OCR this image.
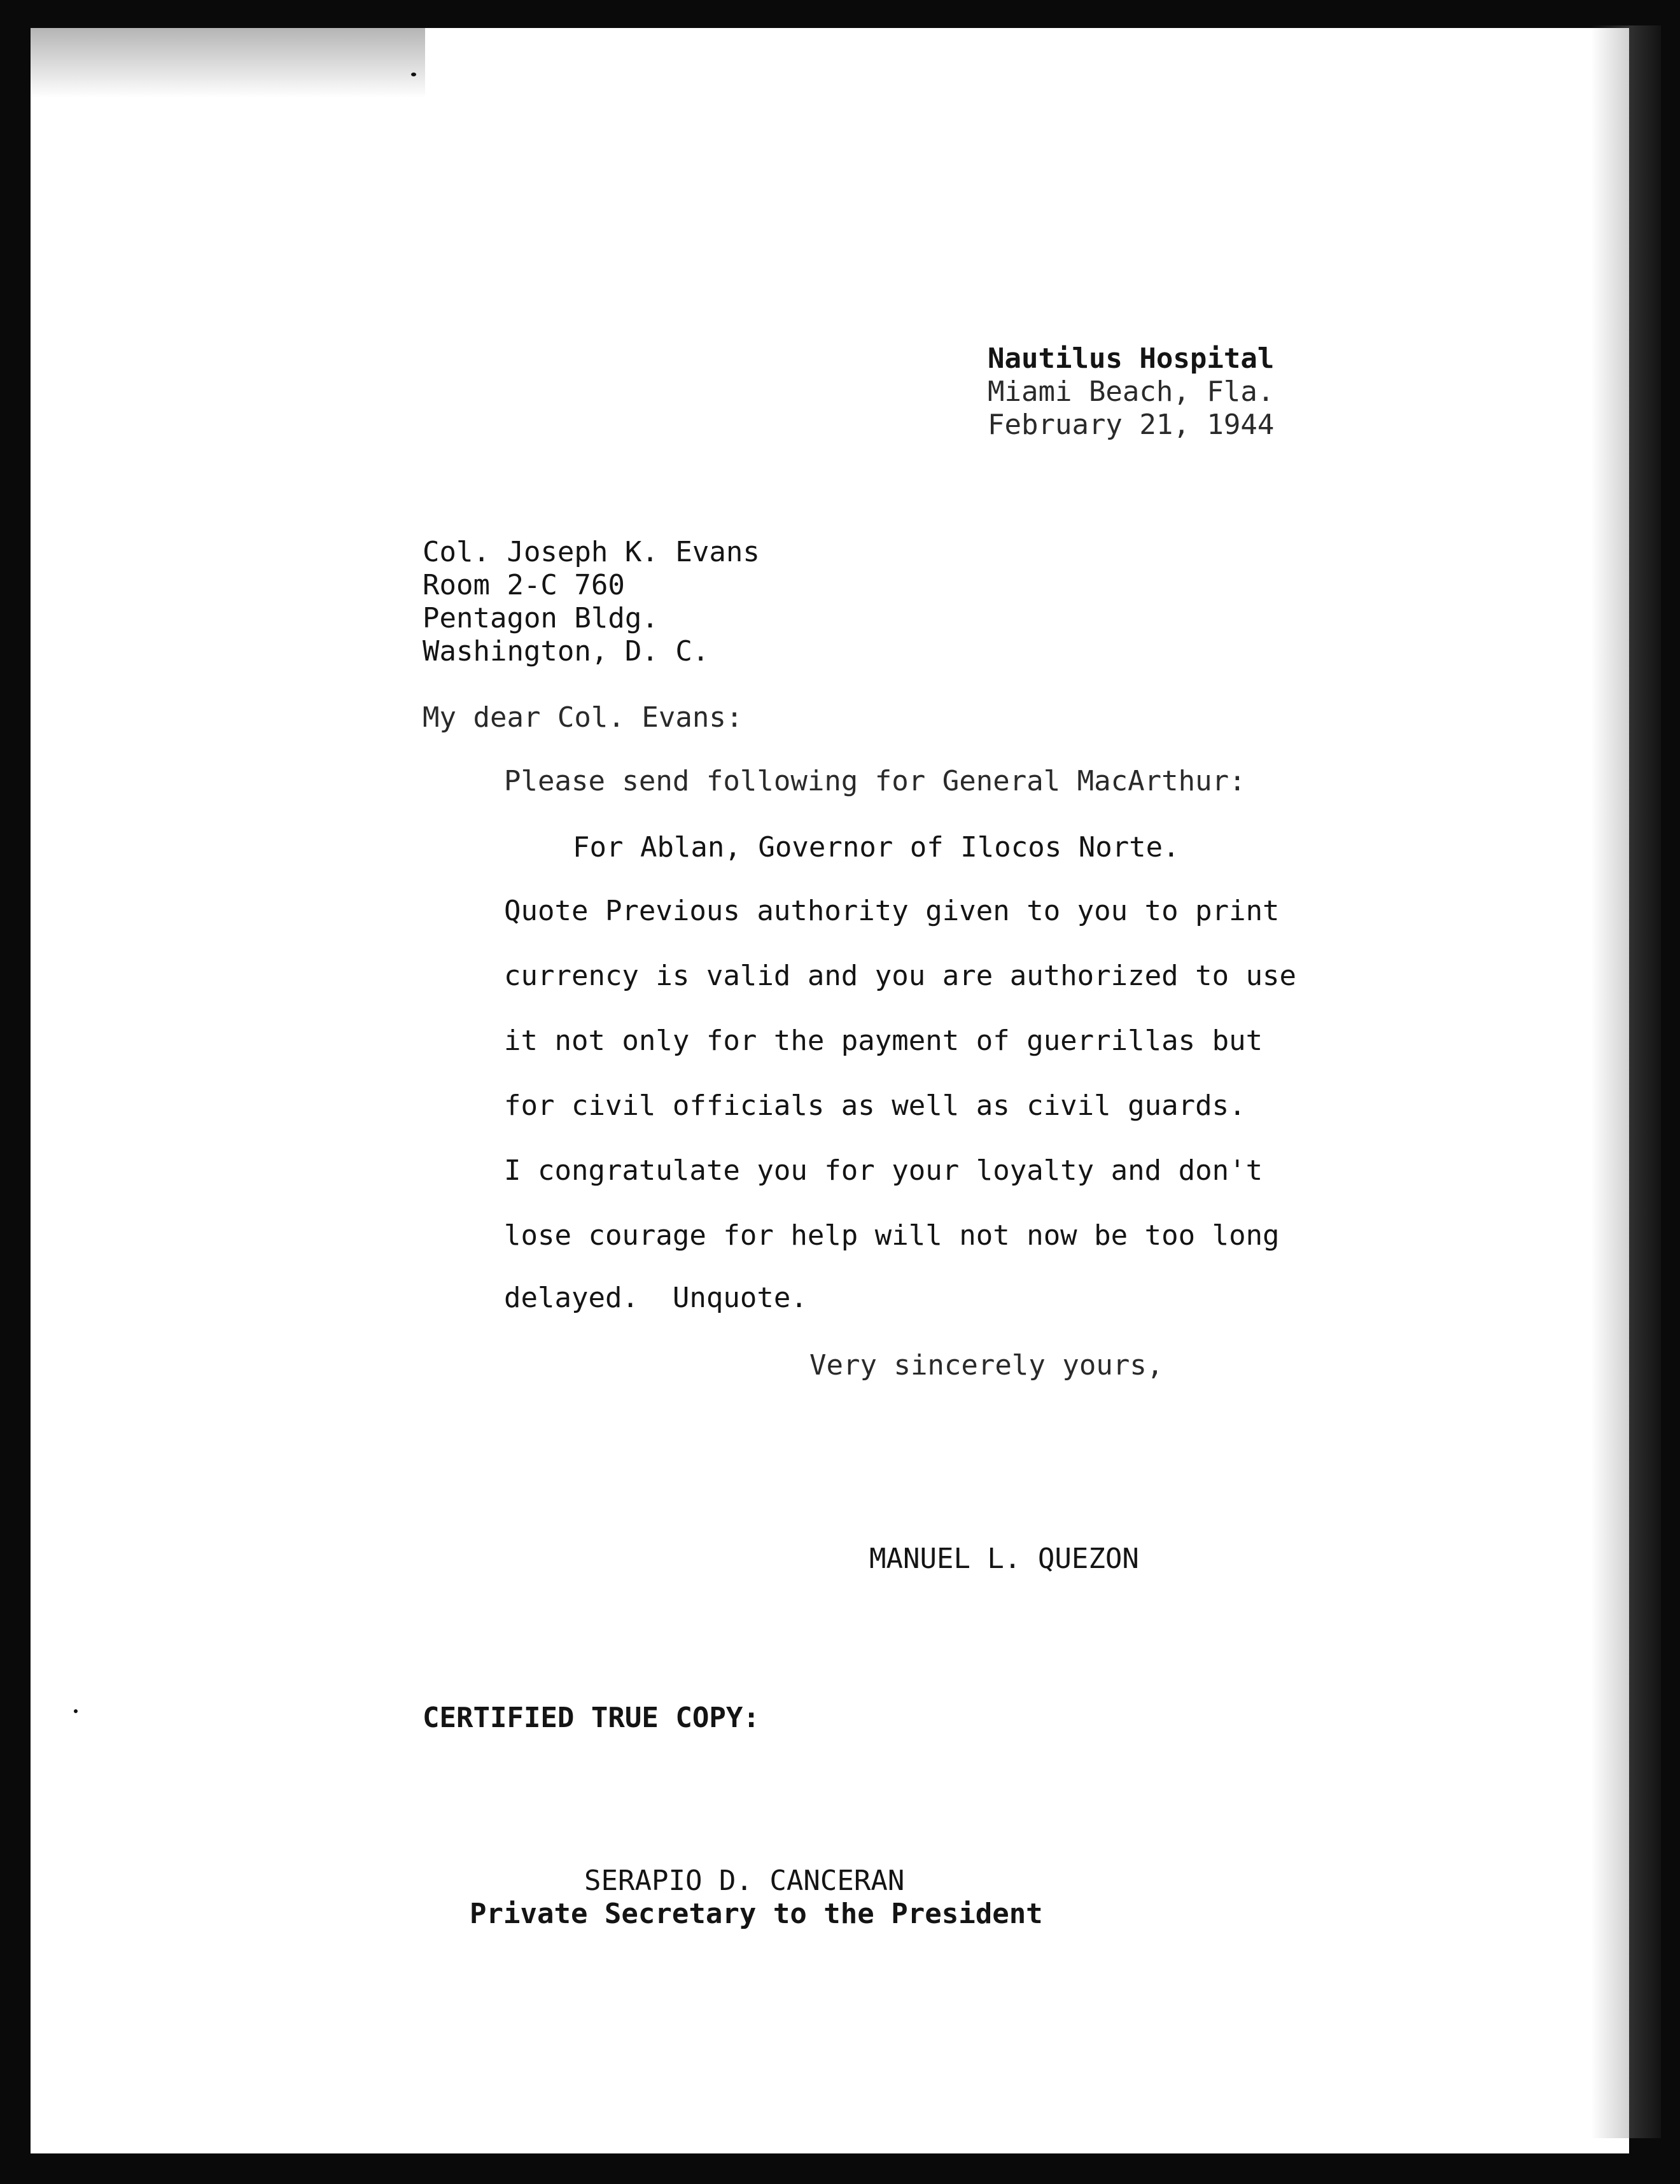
Nautilus Hospital

Miami Beach, Fla.

February 21, 1944

Col. Joseph K. Evans

Room 2-C 760

Pentagon Bldg.

Washington, D. C.

My dear Col. Evans:

Please send following for General MacArthur:

For Ablan, Governor of Ilocos Norte.

Quote Previous authority given to you to print

currency is valid and you are authorized to use

it not only for the payment of guerrillas but

for civil officials as well as civil guards.

I congratulate you for your loyalty and don't

lose courage for help will not now be too long

delayed.  Unquote.

Very sincerely yours,

MANUEL L. QUEZON

CERTIFIED TRUE COPY:

SERAPIO D. CANCERAN

Private Secretary to the President
